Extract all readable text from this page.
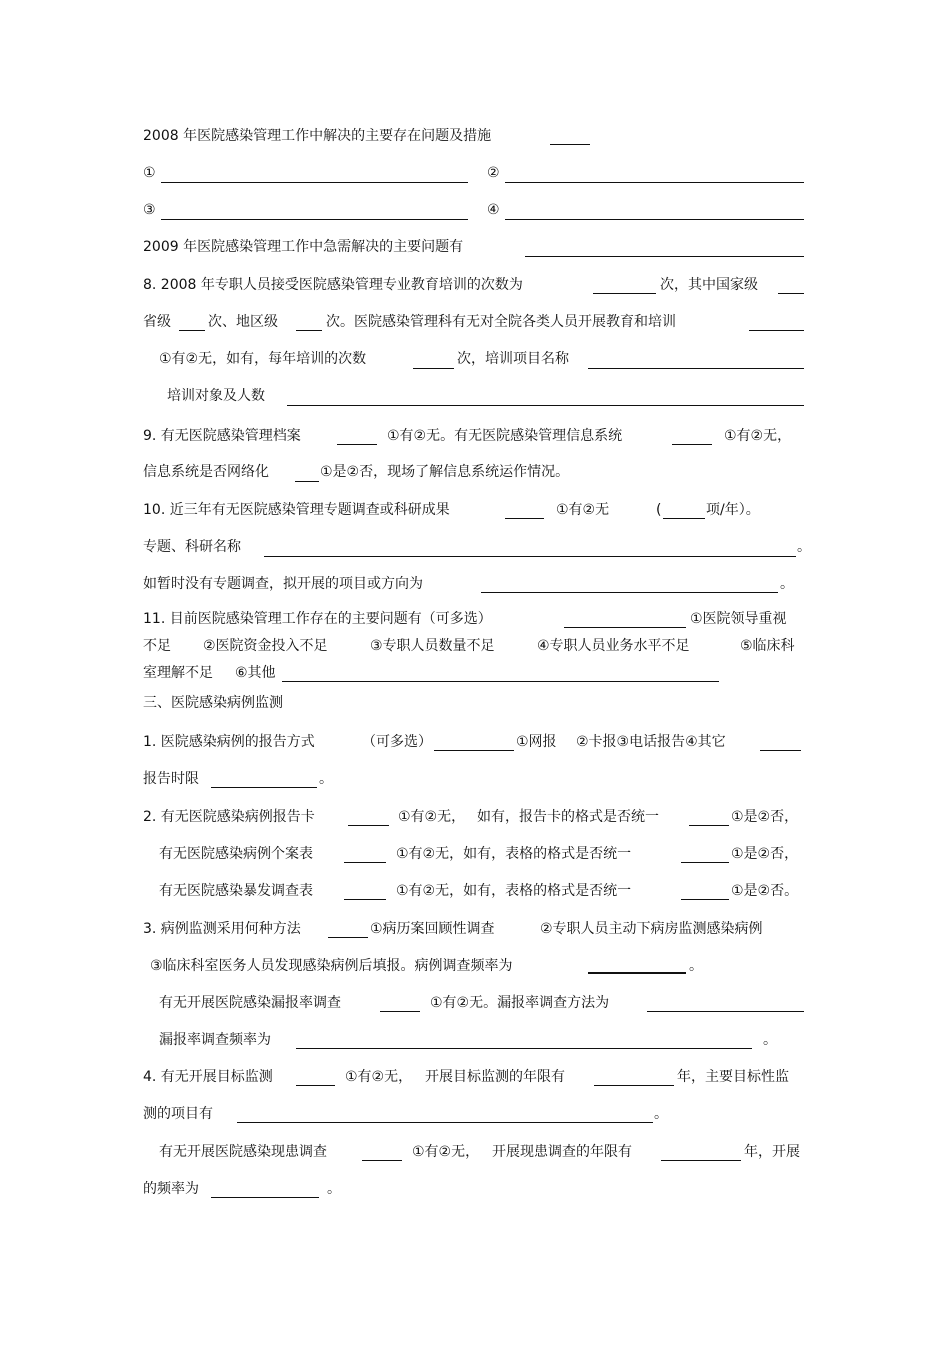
2008 年医院感染管理工作中解决的主要存在问题及措施
①	②
③	④
2009 年医院感染管理工作中急需解决的主要问题有
8. 2008 年专职人员接受医院感染管理专业教育培训的次数为	次，其中国家级
省级	次、地区级	次。医院感染管理科有无对全院各类人员开展教育和培训
①有②无，如有，每年培训的次数	次，培训项目名称
培训对象及人数
9. 有无医院感染管理档案	①有②无。有无医院感染管理信息系统	①有②无，
信息系统是否网络化	①是②否，现场了解信息系统运作情况。
10. 近三年有无医院感染管理专题调查或科研成果	①有②无	(	项/年）。
专题、科研名称	。
如暂时没有专题调查，拟开展的项目或方向为	。
11. 目前医院感染管理工作存在的主要问题有（可多选）	①医院领导重视
不足 ②医院资金投入不足	③专职人员数量不足	④专职人员业务水平不足	⑤临床科
室理解不足 ⑥其他
三、医院感染病例监测
1. 医院感染病例的报告方式	（可多选）	①网报 ②卡报③电话报告④其它
报告时限	。
2. 有无医院感染病例报告卡	①有②无， 如有，报告卡的格式是否统一	①是②否，
有无医院感染病例个案表	①有②无，如有，表格的格式是否统一	①是②否，
有无医院感染暴发调查表	①有②无，如有，表格的格式是否统一	①是②否。
3. 病例监测采用何种方法	①病历案回顾性调查	②专职人员主动下病房监测感染病例
③临床科室医务人员发现感染病例后填报。病例调查频率为	。
有无开展医院感染漏报率调查	①有②无。漏报率调查方法为
漏报率调查频率为	。
4. 有无开展目标监测	①有②无， 开展目标监测的年限有	年，主要目标性监
测的项目有	。
有无开展医院感染现患调查	①有②无， 开展现患调查的年限有	年，开展
的频率为	。
